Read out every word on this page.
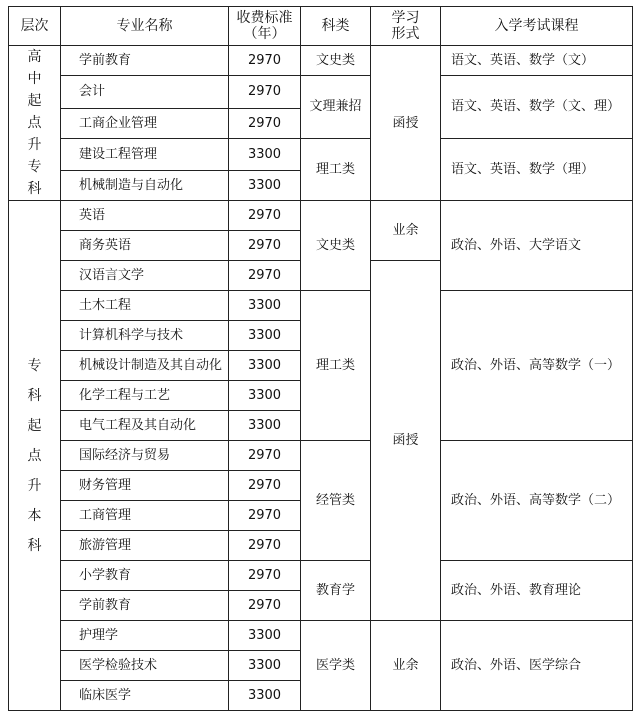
层次	专业名称	收费标准（年）	科类	学习形式	入学考试课程
高中起点升专科	学前教育	2970	文史类	函授	语文、英语、数学（文）
	会计	2970	文理兼招		语文、英语、数学（文、理）
	工商企业管理	2970			
	建设工程管理	3300	理工类		语文、英语、数学（理）
	机械制造与自动化	3300			
专科起点升本科	英语	2970	文史类	业余	政治、外语、大学语文
	商务英语	2970			
	汉语言文学	2970		函授	
	土木工程	3300	理工类		政治、外语、高等数学（一）
	计算机科学与技术	3300			
	机械设计制造及其自动化	3300			
	化学工程与工艺	3300			
	电气工程及其自动化	3300			
	国际经济与贸易	2970	经管类		政治、外语、高等数学（二）
	财务管理	2970			
	工商管理	2970			
	旅游管理	2970			
	小学教育	2970	教育学		政治、外语、教育理论
	学前教育	2970			
	护理学	3300	医学类	业余	政治、外语、医学综合
	医学检验技术	3300			
	临床医学	3300			
